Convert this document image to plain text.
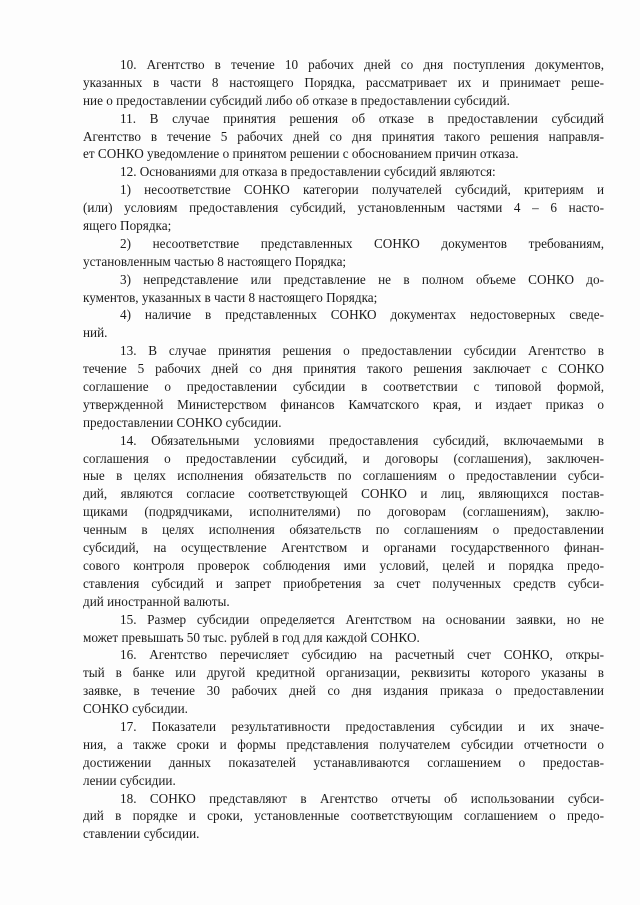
10. Агентство в течение 10 рабочих дней со дня поступления документов,
указанных в части 8 настоящего Порядка, рассматривает их и принимает реше-
ние о предоставлении субсидий либо об отказе в предоставлении субсидий.
11. В случае принятия решения об отказе в предоставлении субсидий
Агентство в течение 5 рабочих дней со дня принятия такого решения направля-
ет СОНКО уведомление о принятом решении с обоснованием причин отказа.
12. Основаниями для отказа в предоставлении субсидий являются:
1) несоответствие СОНКО категории получателей субсидий, критериям и
(или) условиям предоставления субсидий, установленным частями 4 – 6 насто-
ящего Порядка;
2) несоответствие представленных СОНКО документов требованиям,
установленным частью 8 настоящего Порядка;
3) непредставление или представление не в полном объеме СОНКО до-
кументов, указанных в части 8 настоящего Порядка;
4) наличие в представленных СОНКО документах недостоверных сведе-
ний.
13. В случае принятия решения о предоставлении субсидии Агентство в
течение 5 рабочих дней со дня принятия такого решения заключает с СОНКО
соглашение о предоставлении субсидии в соответствии с типовой формой,
утвержденной Министерством финансов Камчатского края, и издает приказ о
предоставлении СОНКО субсидии.
14. Обязательными условиями предоставления субсидий, включаемыми в
соглашения о предоставлении субсидий, и договоры (соглашения), заключен-
ные в целях исполнения обязательств по соглашениям о предоставлении субси-
дий, являются согласие соответствующей СОНКО и лиц, являющихся постав-
щиками (подрядчиками, исполнителями) по договорам (соглашениям), заклю-
ченным в целях исполнения обязательств по соглашениям о предоставлении
субсидий, на осуществление Агентством и органами государственного финан-
сового контроля проверок соблюдения ими условий, целей и порядка предо-
ставления субсидий и запрет приобретения за счет полученных средств субси-
дий иностранной валюты.
15. Размер субсидии определяется Агентством на основании заявки, но не
может превышать 50 тыс. рублей в год для каждой СОНКО.
16. Агентство перечисляет субсидию на расчетный счет СОНКО, откры-
тый в банке или другой кредитной организации, реквизиты которого указаны в
заявке, в течение 30 рабочих дней со дня издания приказа о предоставлении
СОНКО субсидии.
17. Показатели результативности предоставления субсидии и их значе-
ния, а также сроки и формы представления получателем субсидии отчетности о
достижении данных показателей устанавливаются соглашением о предостав-
лении субсидии.
18. СОНКО представляют в Агентство отчеты об использовании субси-
дий в порядке и сроки, установленные соответствующим соглашением о предо-
ставлении субсидии.
